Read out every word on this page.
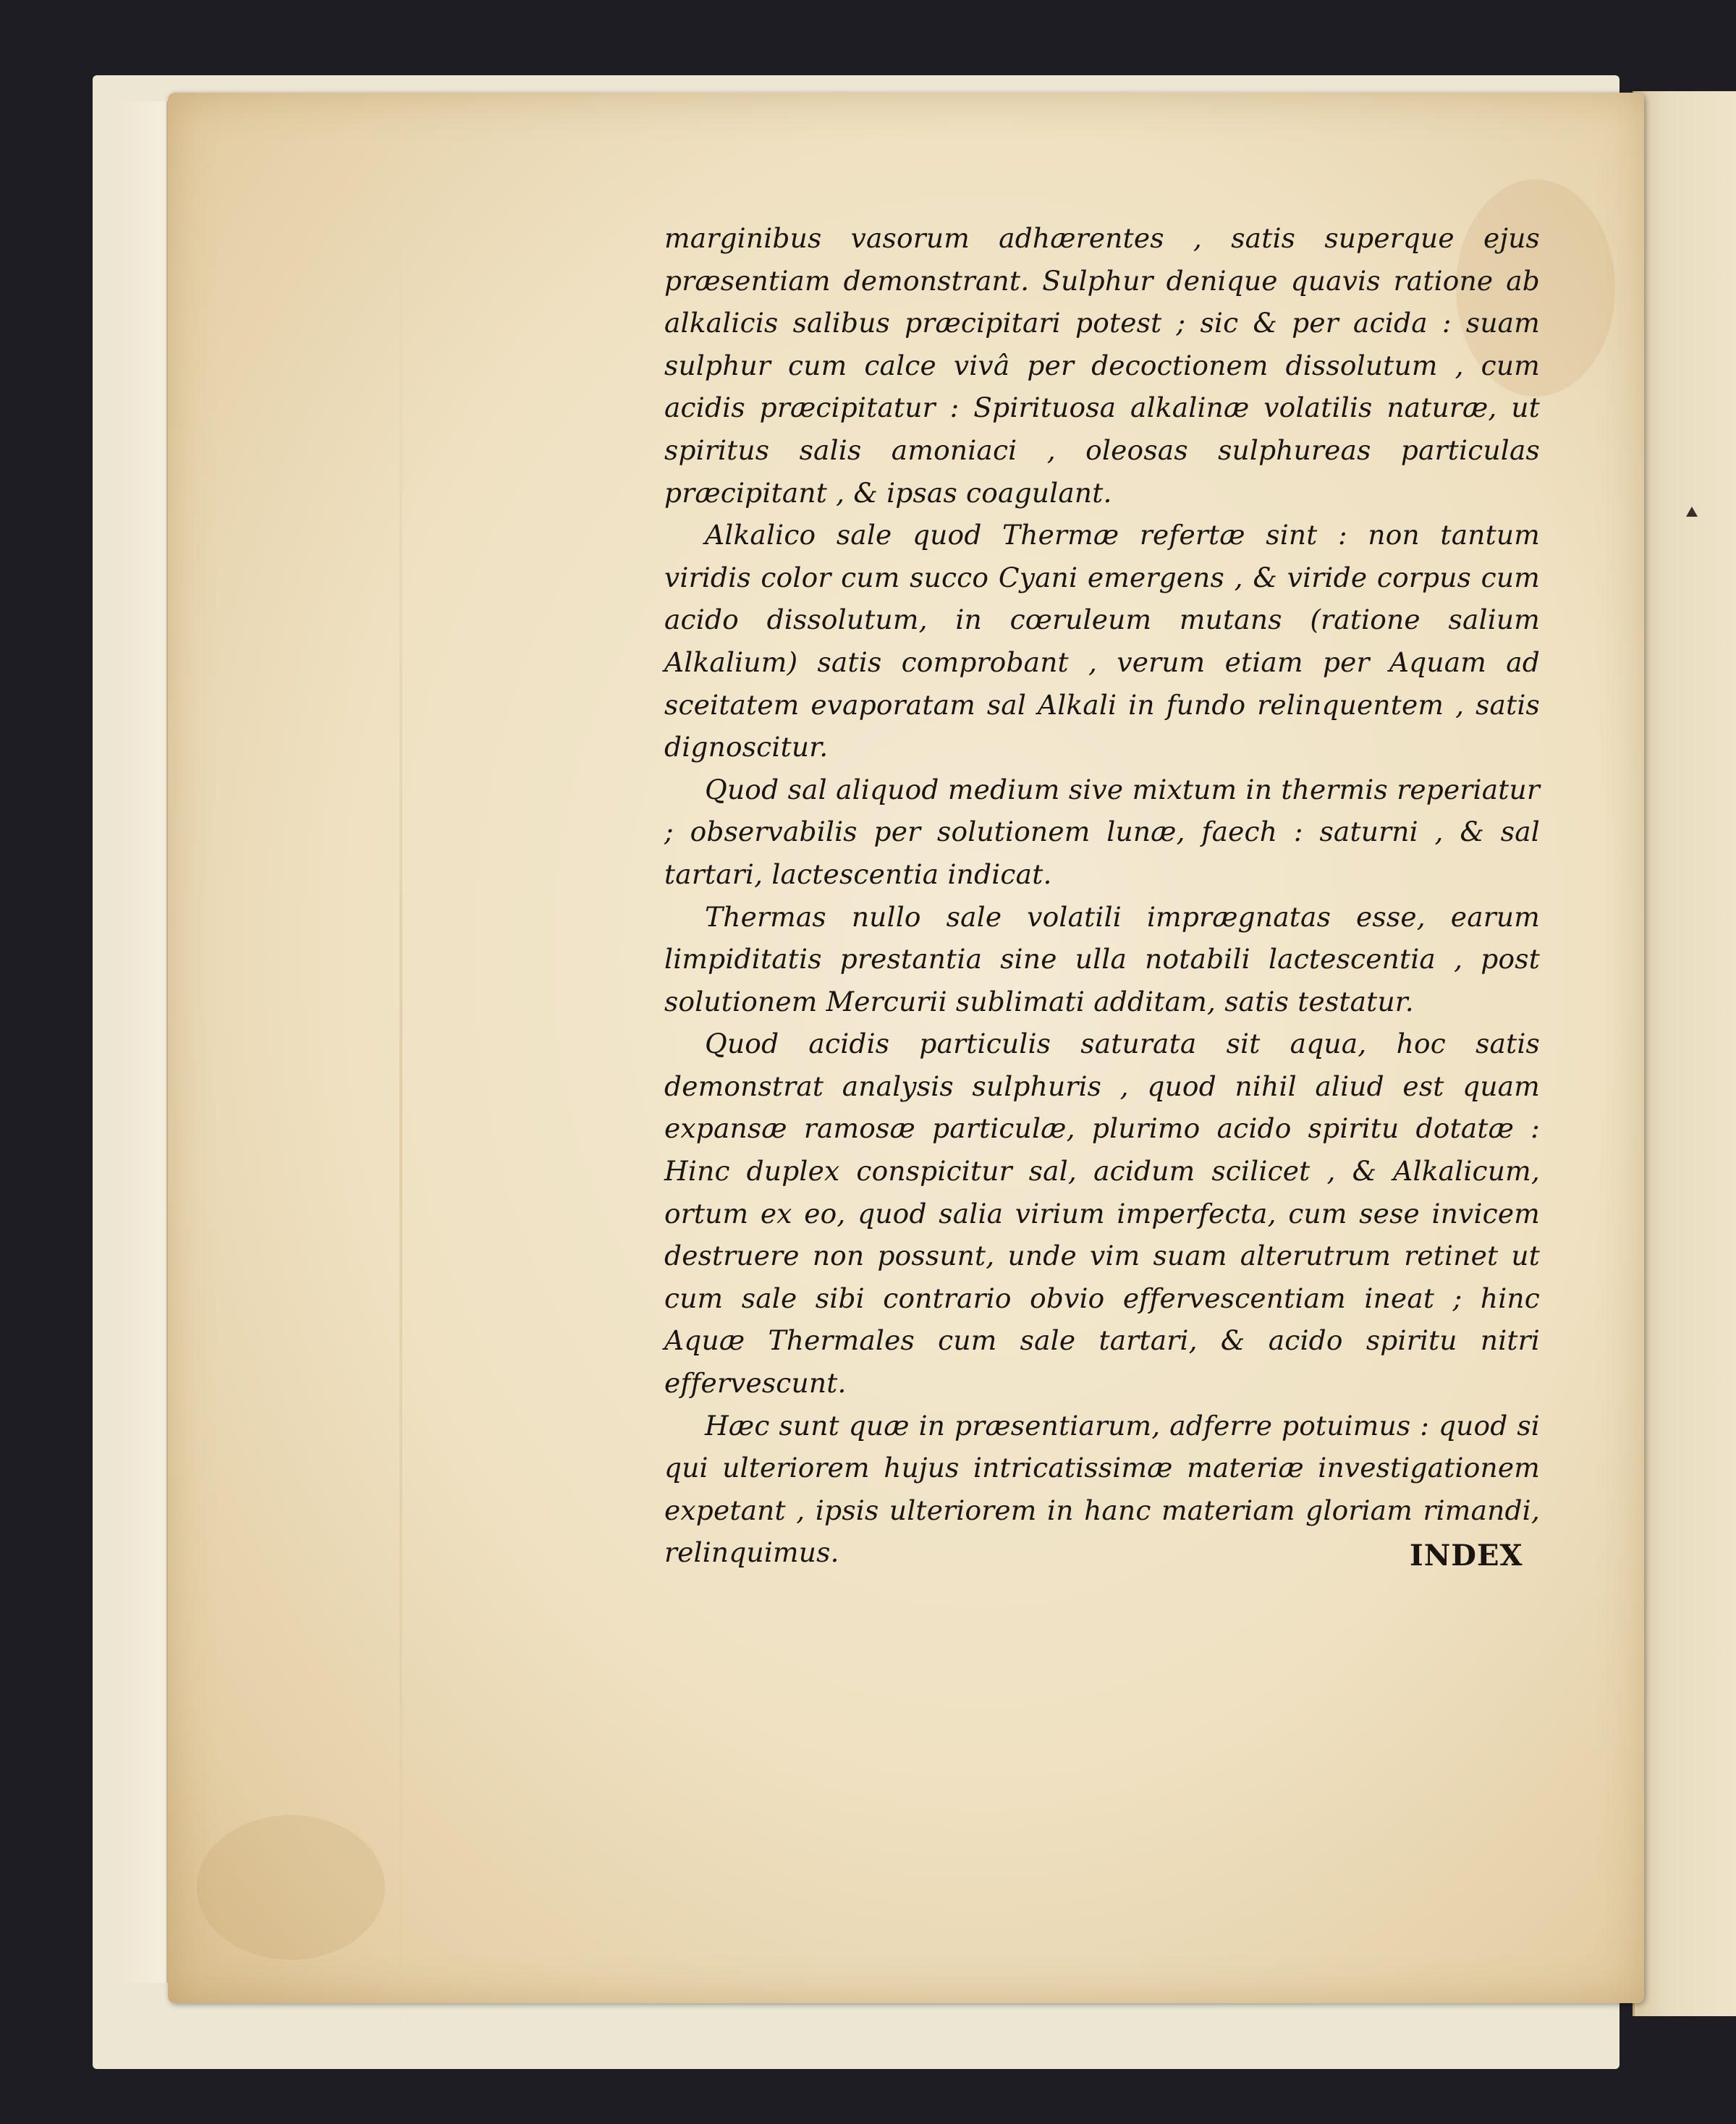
marginibus vasorum adhærentes , satis superque ejus præsentiam demonstrant. Sulphur denique quavis ratione ab alkalicis salibus præcipitari potest ; sic & per acida : suam sulphur cum calce vivâ per decoctionem dissolutum , cum acidis præcipitatur : Spirituosa alkalinæ volatilis naturæ, ut spiritus salis amoniaci , oleosas sulphureas particulas præcipitant , & ipsas coagulant.

Alkalico sale quod Thermæ refertæ sint : non tantum viridis color cum succo Cyani emergens , & viride corpus cum acido dissolutum, in cœruleum mutans (ratione salium Alkalium) satis comprobant , verum etiam per Aquam ad sceitatem evaporatam sal Alkali in fundo relinquentem , satis dignoscitur.

Quod sal aliquod medium sive mixtum in thermis reperiatur ; observabilis per solutionem lunæ, faech : saturni , & sal tartari, lactescentia indicat.

Thermas nullo sale volatili imprægnatas esse, earum limpiditatis prestantia sine ulla notabili lactescentia , post solutionem Mercurii sublimati additam, satis testatur.

Quod acidis particulis saturata sit aqua, hoc satis demonstrat analysis sulphuris , quod nihil aliud est quam expansæ ramosæ particulæ, plurimo acido spiritu dotatæ : Hinc duplex conspicitur sal, acidum scilicet , & Alkalicum, ortum ex eo, quod salia virium imperfecta, cum sese invicem destruere non possunt, unde vim suam alterutrum retinet ut cum sale sibi contrario obvio effervescentiam ineat ; hinc Aquæ Thermales cum sale tartari, & acido spiritu nitri effervescunt.

Hæc sunt quæ in præsentiarum, adferre potuimus : quod si qui ulteriorem hujus intricatissimæ materiæ investigationem expetant , ipsis ulteriorem in hanc materiam gloriam rimandi, relinquimus.	INDEX
